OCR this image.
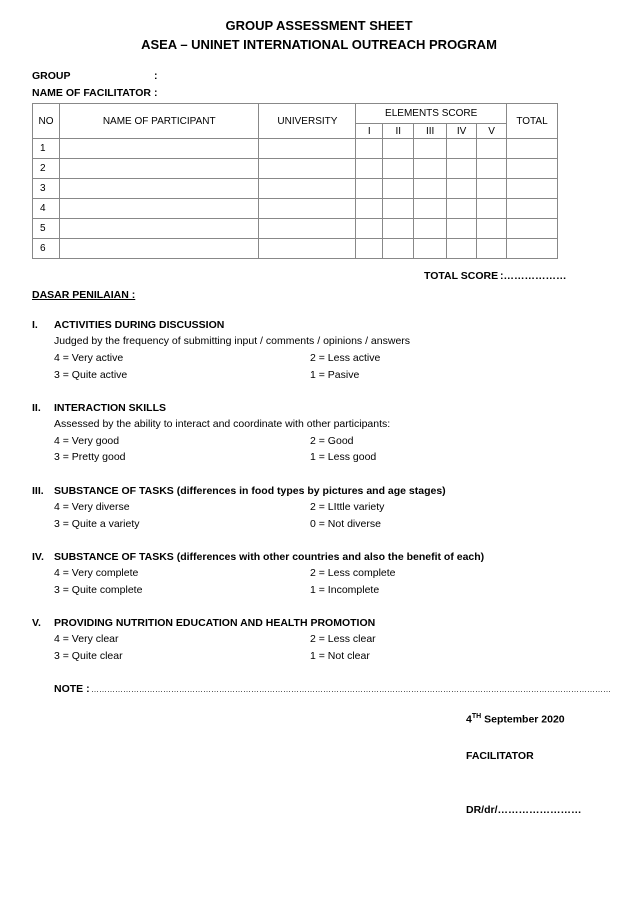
GROUP ASSESSMENT SHEET
ASEA – UNINET INTERNATIONAL OUTREACH PROGRAM
GROUP	:
NAME OF FACILITATOR :
NO	NAME OF PARTICIPANT	UNIVERSITY	ELEMENTS SCORE					TOTAL
			I	II	III	IV	V	
1								
2								
3								
4								
5								
6								
TOTAL SCORE :………………
DASAR PENILAIAN :
I. ACTIVITIES DURING DISCUSSION
Judged by the frequency of submitting input / comments / opinions / answers
4 = Very active	2 = Less active
3 = Quite active	1 = Pasive
II. INTERACTION SKILLS
Assessed by the ability to interact and coordinate with other participants:
4 = Very good	2 = Good
3 = Pretty good	1 = Less good
III. SUBSTANCE OF TASKS (differences in food types by pictures and age stages)
4 = Very diverse	2 = LIttle variety
3 = Quite a variety	0 = Not diverse
IV. SUBSTANCE OF TASKS (differences with other countries and also the benefit of each)
4 = Very complete	2 = Less complete
3 = Quite complete	1 = Incomplete
V. PROVIDING NUTRITION EDUCATION AND HEALTH PROMOTION
4 = Very clear	2 = Less clear
3 = Quite clear	1 = Not clear
NOTE : ……………………………………………………………………………………………………………………………………………………………………………
4TH September 2020
FACILITATOR
DR/dr/……………………
